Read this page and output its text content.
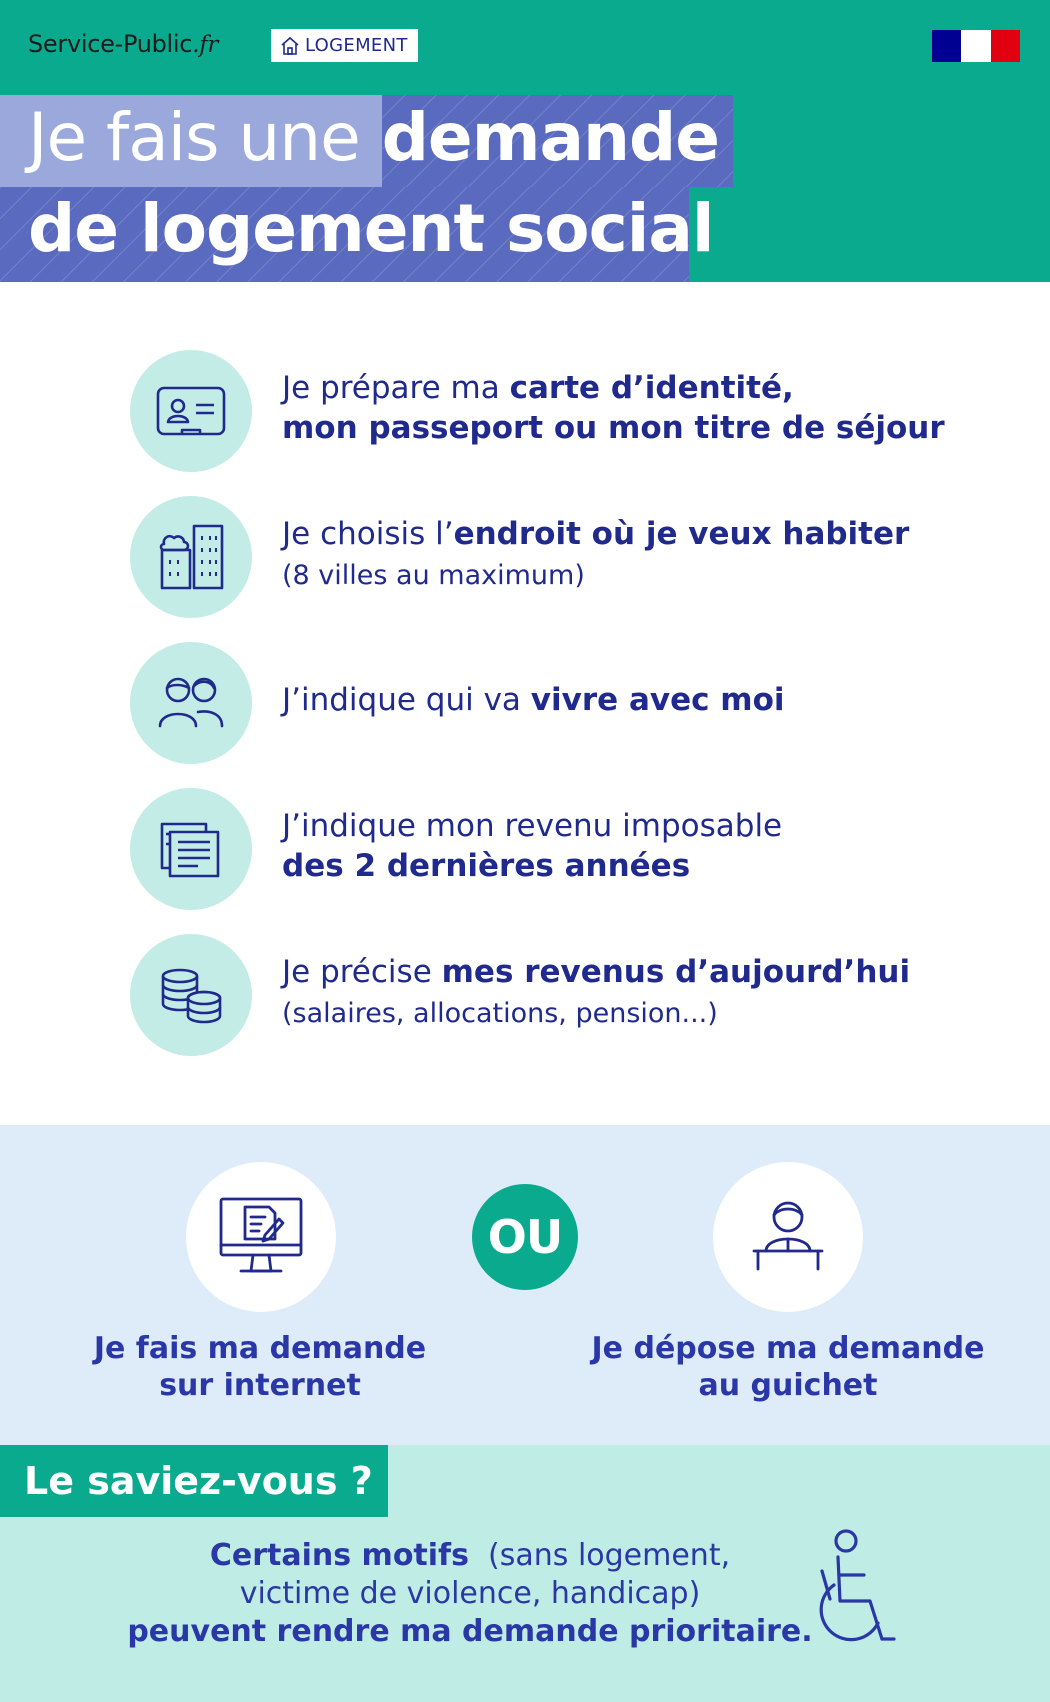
Service-Public.fr	LOGEMENT
Je fais une demande
de logement social
Je prépare ma carte d’identité,
mon passeport ou mon titre de séjour
Je choisis l’endroit où je veux habiter
(8 villes au maximum)
J’indique qui va vivre avec moi
J’indique mon revenu imposable
des 2 dernières années
Je précise mes revenus d’aujourd’hui
(salaires, allocations, pension...)
OU
Je fais ma demande
sur internet
Je dépose ma demande
au guichet
Le saviez-vous ?
Certains motifs  (sans logement,
victime de violence, handicap)
peuvent rendre ma demande prioritaire.
